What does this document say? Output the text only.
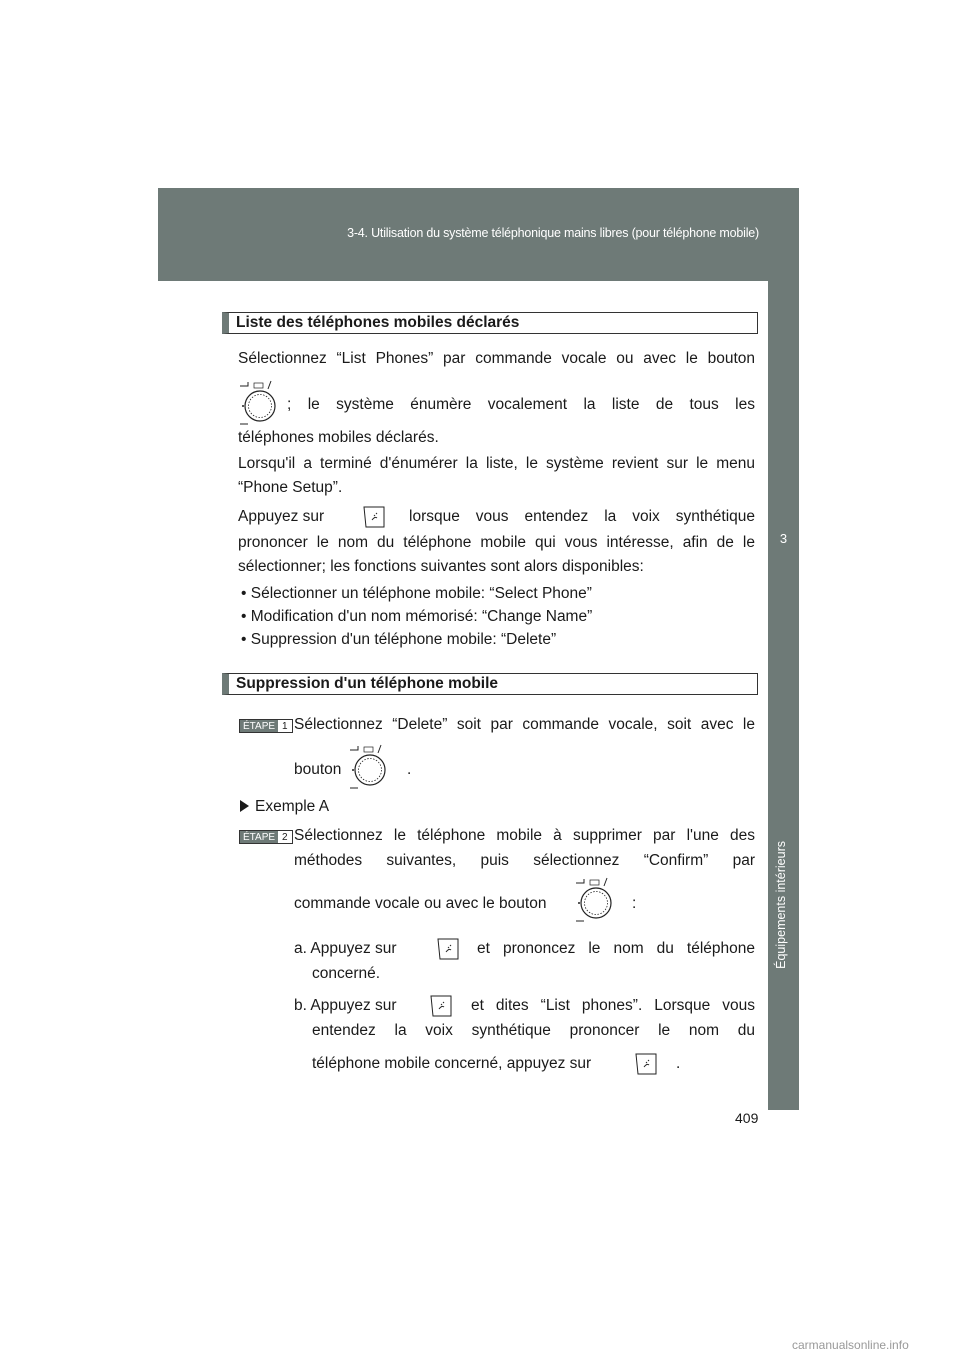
3-4. Utilisation du système téléphonique mains libres (pour téléphone mobile)
3
Équipements intérieurs
Liste des téléphones mobiles déclarés
Sélectionnez “List Phones” par commande vocale ou avec le bouton
; le système énumère vocalement la liste de tous les
téléphones mobiles déclarés.
Lorsqu'il a terminé d'énumérer la liste, le système revient sur le menu “Phone Setup”.
Appuyez sur	lorsque vous entendez la voix synthétique
prononcer le nom du téléphone mobile qui vous intéresse, afin de le sélectionner; les fonctions suivantes sont alors disponibles:
• Sélectionner un téléphone mobile: “Select Phone”
• Modification d'un nom mémorisé: “Change Name”
• Suppression d'un téléphone mobile: “Delete”
Suppression d'un téléphone mobile
ÉTAPE 1 Sélectionnez “Delete” soit par commande vocale, soit avec le
bouton	.
Exemple A
ÉTAPE 2 Sélectionnez le téléphone mobile à supprimer par l'une des
méthodes suivantes, puis sélectionnez “Confirm” par
commande vocale ou avec le bouton	:
a. Appuyez sur	et prononcez le nom du téléphone
concerné.
b. Appuyez sur	et dites “List phones”. Lorsque vous
entendez la voix synthétique prononcer le nom du
téléphone mobile concerné, appuyez sur	.
409
carmanualsonline.info
